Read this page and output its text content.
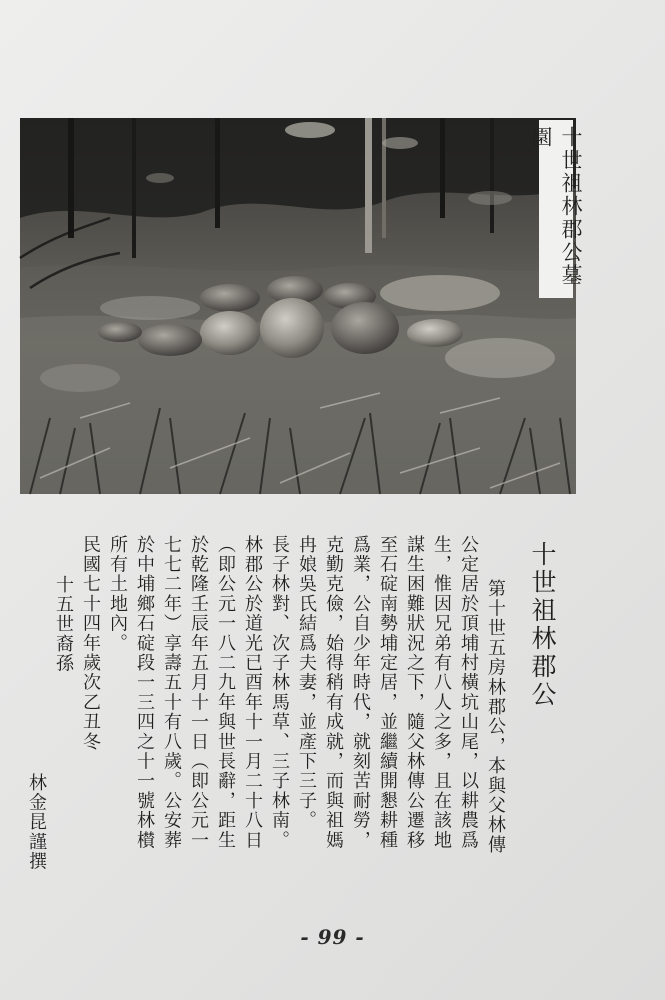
十世祖林郡公墓園
十世祖林郡公
第十世五房林郡公，本與父林傳
公定居於頂埔村橫坑山尾，以耕農爲
生，惟因兄弟有八人之多，且在該地
謀生困難狀況之下，隨父林傳公遷移
至石碇南勢埔定居，並繼續開懇耕種
爲業，公自少年時代，就刻苦耐勞，
克勤克儉，始得稍有成就，而與祖媽
冉娘吳氏結爲夫妻，並產下三子。
長子林對、次子林馬草、三子林南。
林郡公於道光已酉年十一月二十八日
（即公元一八二九年與世長辭，距生
於乾隆壬辰年五月十一日（即公元一
七七二年）享壽五十有八歲。公安葬
於中埔鄉石碇段一三四之十一號林櫕
所有土地內。
民國七十四年歲次乙丑冬
十五世裔孫
林金昆謹撰
- 99 -
